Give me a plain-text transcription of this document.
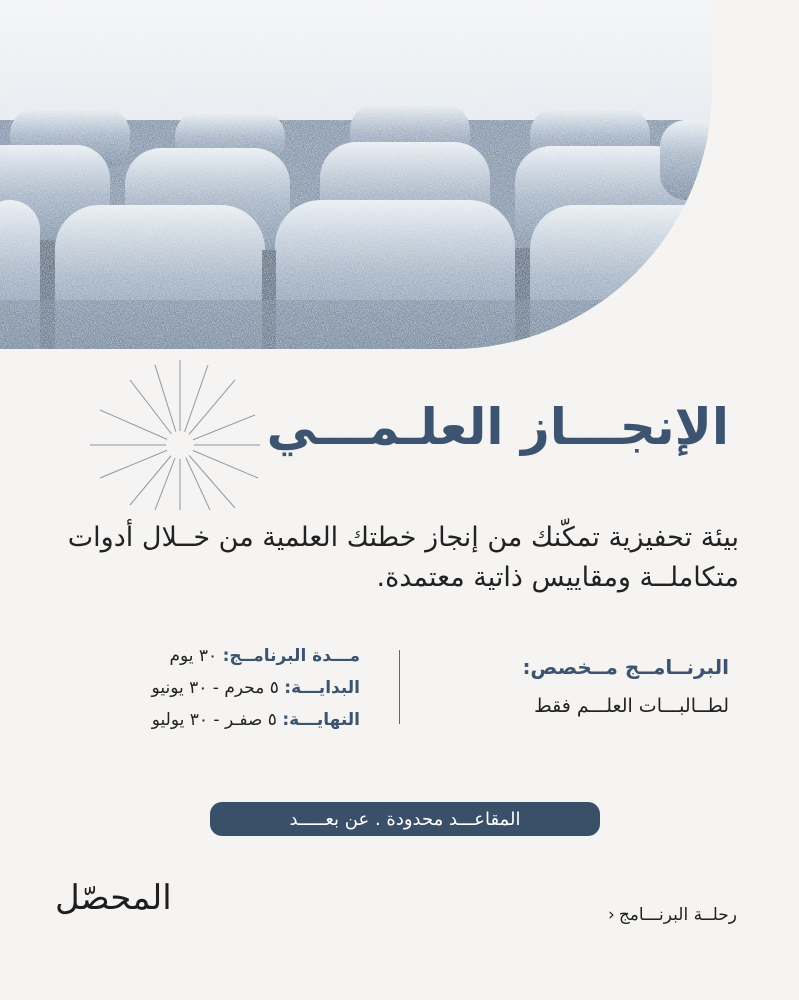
الإنجـــاز العلـمـــي

بيئة تحفيزية تمكّنك من إنجاز خطتك العلمية من خــلال أدوات متكاملــة ومقاييس ذاتية معتمدة.

البرنــامــج مــخصص:
لطــالبـــات العلـــم فقط
مـــدة البرنامــج: ٣٠ يوم
البدايـــة: ٥ محرم - ٣٠ يونيو
النهايـــة: ٥ صفـر - ٣٠ يوليو
المقاعـــد محدودة . عن بعـــــد
المحصّل	رحلــة البرنـــامج
‹
